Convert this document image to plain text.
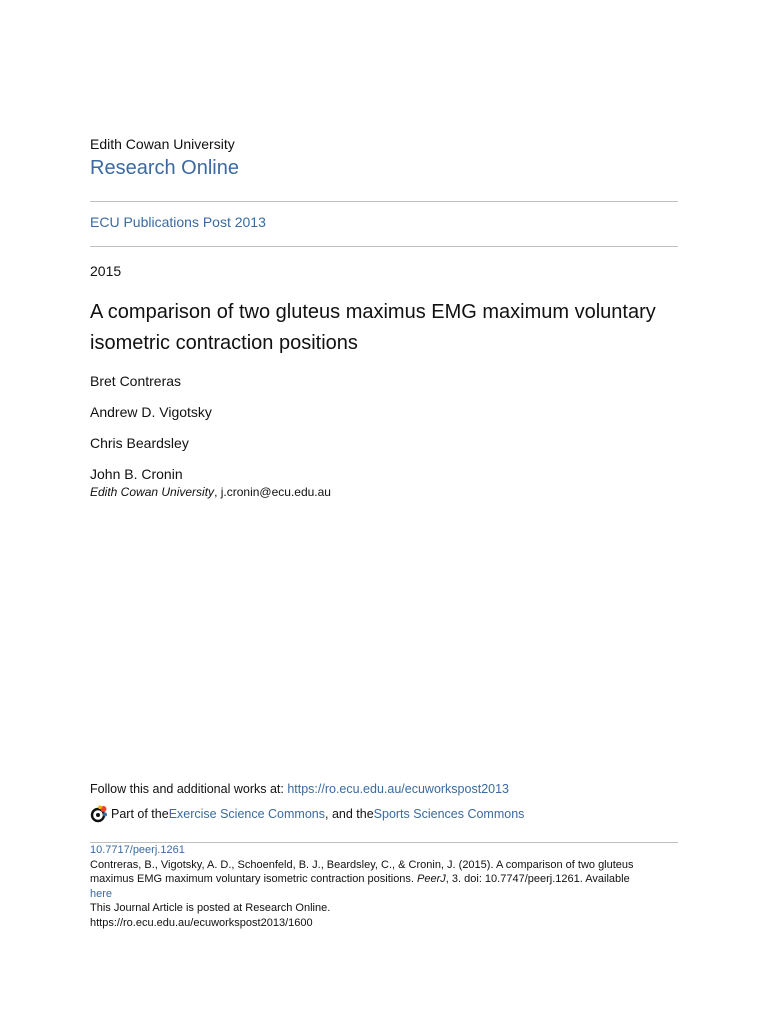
Edith Cowan University
Research Online
ECU Publications Post 2013
2015
A comparison of two gluteus maximus EMG maximum voluntary isometric contraction positions
Bret Contreras
Andrew D. Vigotsky
Chris Beardsley
John B. Cronin
Edith Cowan University, j.cronin@ecu.edu.au
Follow this and additional works at: https://ro.ecu.edu.au/ecuworkspost2013
Part of the Exercise Science Commons , and the Sports Sciences Commons
10.7717/peerj.1261
Contreras, B., Vigotsky, A. D., Schoenfeld, B. J., Beardsley, C., & Cronin, J. (2015). A comparison of two gluteus maximus EMG maximum voluntary isometric contraction positions. PeerJ, 3. doi: 10.7747/peerj.1261. Available
here
This Journal Article is posted at Research Online.
https://ro.ecu.edu.au/ecuworkspost2013/1600
